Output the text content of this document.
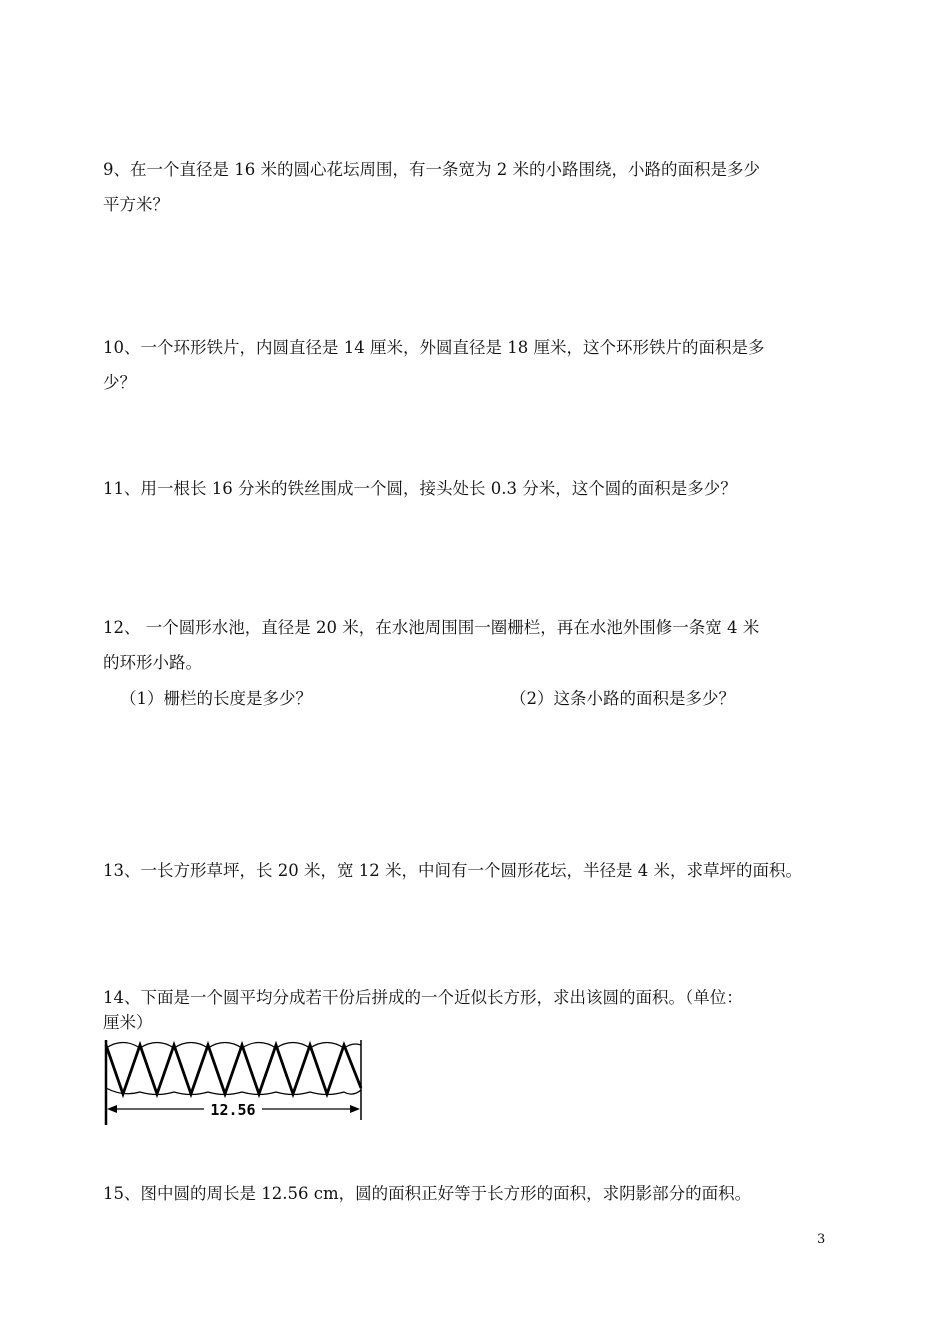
9、在一个直径是 16 米的圆心花坛周围，有一条宽为 2 米的小路围绕，小路的面积是多少
平方米？

10、一个环形铁片，内圆直径是 14 厘米，外圆直径是 18 厘米，这个环形铁片的面积是多
少？

11、用一根长 16 分米的铁丝围成一个圆，接头处长 0.3 分米，这个圆的面积是多少？

12、 一个圆形水池，直径是 20 米，在水池周围围一圈栅栏，再在水池外围修一条宽 4 米
的环形小路。

（1）栅栏的长度是多少？	（2）这条小路的面积是多少？

13、一长方形草坪，长 20 米，宽 12 米，中间有一个圆形花坛，半径是 4 米，求草坪的面积。

14、下面是一个圆平均分成若干份后拼成的一个近似长方形，求出该圆的面积。（单位：
厘米）

12.56

15、图中圆的周长是 12.56 cm，圆的面积正好等于长方形的面积，求阴影部分的面积。

3
